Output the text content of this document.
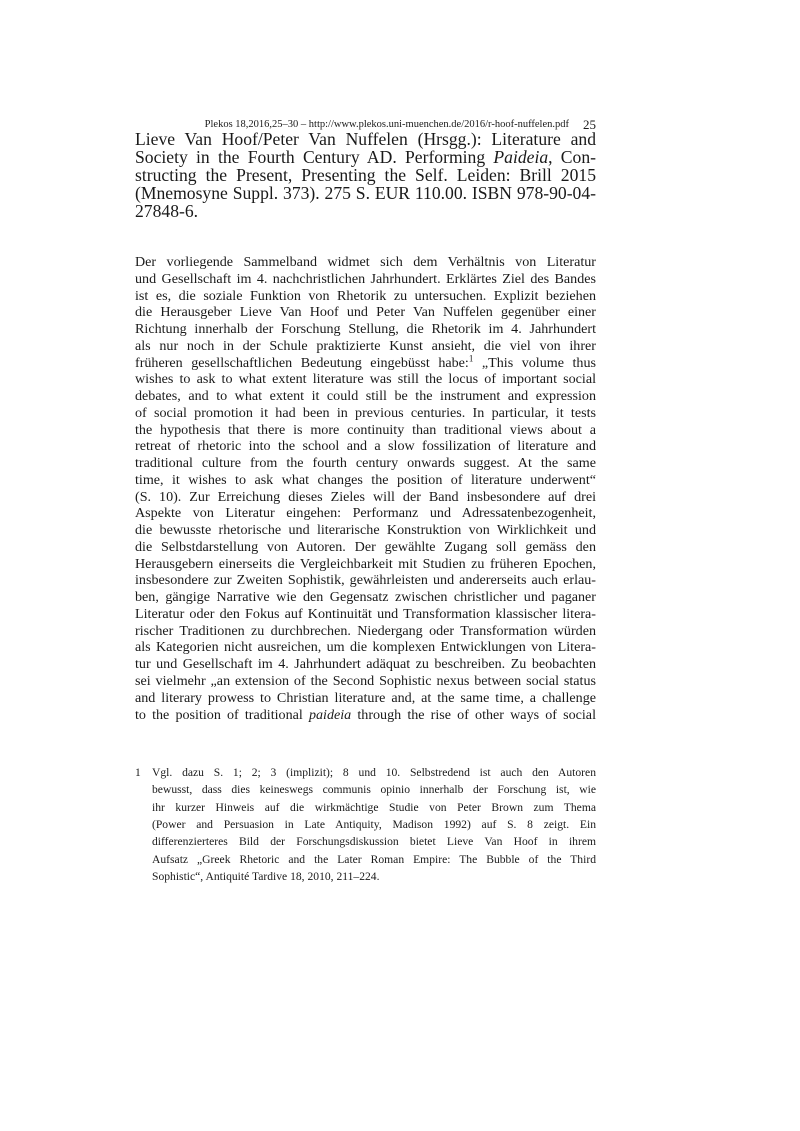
Plekos 18,2016,25–30 – http://www.plekos.uni-muenchen.de/2016/r-hoof-nuffelen.pdf 25
Lieve Van Hoof/Peter Van Nuffelen (Hrsgg.): Literature and
Society in the Fourth Century AD. Performing Paideia, Con-
structing the Present, Presenting the Self. Leiden: Brill 2015
(Mnemosyne Suppl. 373). 275 S. EUR 110.00. ISBN 978-90-04-
27848-6.
Der vorliegende Sammelband widmet sich dem Verhältnis von Literatur
und Gesellschaft im 4. nachchristlichen Jahrhundert. Erklärtes Ziel des Bandes
ist es, die soziale Funktion von Rhetorik zu untersuchen. Explizit beziehen
die Herausgeber Lieve Van Hoof und Peter Van Nuffelen gegenüber einer
Richtung innerhalb der Forschung Stellung, die Rhetorik im 4. Jahrhundert
als nur noch in der Schule praktizierte Kunst ansieht, die viel von ihrer
früheren gesellschaftlichen Bedeutung eingebüsst habe:$^1$ „This volume thus
wishes to ask to what extent literature was still the locus of important social
debates, and to what extent it could still be the instrument and expression
of social promotion it had been in previous centuries. In particular, it tests
the hypothesis that there is more continuity than traditional views about a
retreat of rhetoric into the school and a slow fossilization of literature and
traditional culture from the fourth century onwards suggest. At the same
time, it wishes to ask what changes the position of literature underwent“
(S. 10). Zur Erreichung dieses Zieles will der Band insbesondere auf drei
Aspekte von Literatur eingehen: Performanz und Adressatenbezogenheit,
die bewusste rhetorische und literarische Konstruktion von Wirklichkeit und
die Selbstdarstellung von Autoren. Der gewählte Zugang soll gemäss den
Herausgebern einerseits die Vergleichbarkeit mit Studien zu früheren Epochen,
insbesondere zur Zweiten Sophistik, gewährleisten und andererseits auch erlau-
ben, gängige Narrative wie den Gegensatz zwischen christlicher und paganer
Literatur oder den Fokus auf Kontinuität und Transformation klassischer litera-
rischer Traditionen zu durchbrechen. Niedergang oder Transformation würden
als Kategorien nicht ausreichen, um die komplexen Entwicklungen von Litera-
tur und Gesellschaft im 4. Jahrhundert adäquat zu beschreiben. Zu beobachten
sei vielmehr „an extension of the Second Sophistic nexus between social status
and literary prowess to Christian literature and, at the same time, a challenge
to the position of traditional paideia through the rise of other ways of social
1 Vgl. dazu S. 1; 2; 3 (implizit); 8 und 10. Selbstredend ist auch den Autoren
bewusst, dass dies keineswegs communis opinio innerhalb der Forschung ist, wie
ihr kurzer Hinweis auf die wirkmächtige Studie von Peter Brown zum Thema
(Power and Persuasion in Late Antiquity, Madison 1992) auf S. 8 zeigt. Ein
differenzierteres Bild der Forschungsdiskussion bietet Lieve Van Hoof in ihrem
Aufsatz „Greek Rhetoric and the Later Roman Empire: The Bubble of the Third
Sophistic“, Antiquité Tardive 18, 2010, 211–224.
